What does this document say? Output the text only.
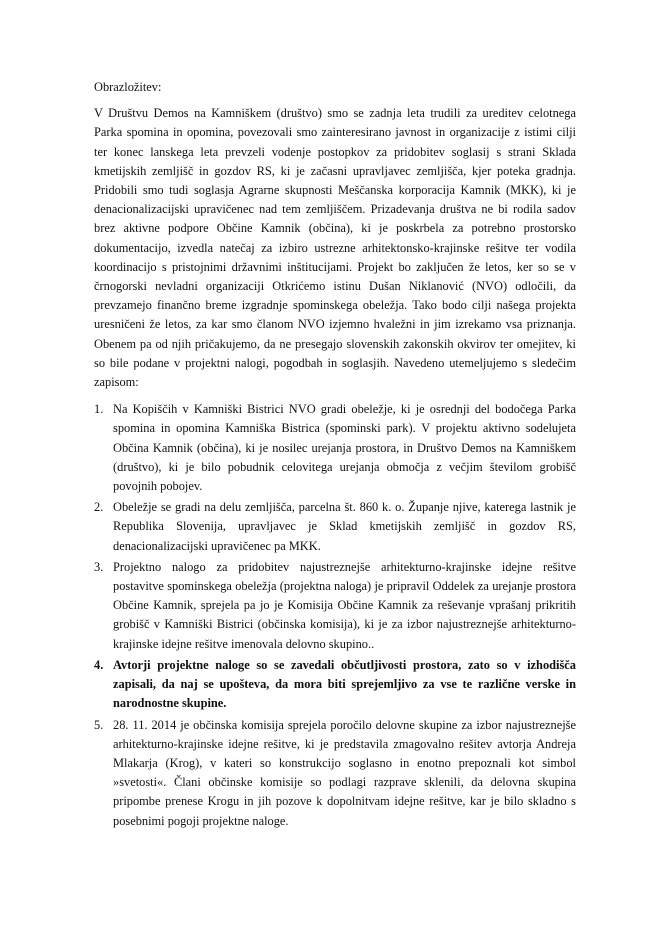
Obrazložitev:

V Društvu Demos na Kamniškem (društvo) smo se zadnja leta trudili za ureditev celotnega Parka spomina in opomina, povezovali smo zainteresirano javnost in organizacije z istimi cilji ter konec lanskega leta prevzeli vodenje postopkov za pridobitev soglasij s strani Sklada kmetijskih zemljišč in gozdov RS, ki je začasni upravljavec zemljišča, kjer poteka gradnja. Pridobili smo tudi soglasja Agrarne skupnosti Meščanska korporacija Kamnik (MKK), ki je denacionalizacijski upravičenec nad tem zemljiščem. Prizadevanja društva ne bi rodila sadov brez aktivne podpore Občine Kamnik (občina), ki je poskrbela za potrebno prostorsko dokumentacijo, izvedla natečaj za izbiro ustrezne arhitektonsko-krajinske rešitve ter vodila koordinacijo s pristojnimi državnimi inštitucijami. Projekt bo zaključen že letos, ker so se v črnogorski nevladni organizaciji Otkrićemo istinu Dušan Niklanović (NVO) odločili, da prevzamejo finančno breme izgradnje spominskega obeležja. Tako bodo cilji našega projekta uresničeni že letos, za kar smo članom NVO izjemno hvaležni in jim izrekamo vsa priznanja. Obenem pa od njih pričakujemo, da ne presegajo slovenskih zakonskih okvirov ter omejitev, ki so bile podane v projektni nalogi, pogodbah in soglasjih. Navedeno utemeljujemo s sledečim zapisom:

1. Na Kopiščih v Kamniški Bistrici NVO gradi obeležje, ki je osrednji del bodočega Parka spomina in opomina Kamniška Bistrica (spominski park). V projektu aktivno sodelujeta Občina Kamnik (občina), ki je nosilec urejanja prostora, in Društvo Demos na Kamniškem (društvo), ki je bilo pobudnik celovitega urejanja območja z večjim številom grobišč povojnih pobojev.
2. Obeležje se gradi na delu zemljišča, parcelna št. 860 k. o. Županje njive, katerega lastnik je Republika Slovenija, upravljavec je Sklad kmetijskih zemljišč in gozdov RS, denacionalizacijski upravičenec pa MKK.
3. Projektno nalogo za pridobitev najustreznejše arhitekturno-krajinske idejne rešitve postavitve spominskega obeležja (projektna naloga) je pripravil Oddelek za urejanje prostora Občine Kamnik, sprejela pa jo je Komisija Občine Kamnik za reševanje vprašanj prikritih grobišč v Kamniški Bistrici (občinska komisija), ki je za izbor najustreznejše arhitekturno-krajinske idejne rešitve imenovala delovno skupino..
4. Avtorji projektne naloge so se zavedali občutljivosti prostora, zato so v izhodišča zapisali, da naj se upošteva, da mora biti sprejemljivo za vse te različne verske in narodnostne skupine.
5. 28. 11. 2014 je občinska komisija sprejela poročilo delovne skupine za izbor najustreznejše arhitekturno-krajinske idejne rešitve, ki je predstavila zmagovalno rešitev avtorja Andreja Mlakarja (Krog), v kateri so konstrukcijo soglasno in enotno prepoznali kot simbol »svetosti«. Člani občinske komisije so podlagi razprave sklenili, da delovna skupina pripombe prenese Krogu in jih pozove k dopolnitvam idejne rešitve, kar je bilo skladno s posebnimi pogoji projektne naloge.
